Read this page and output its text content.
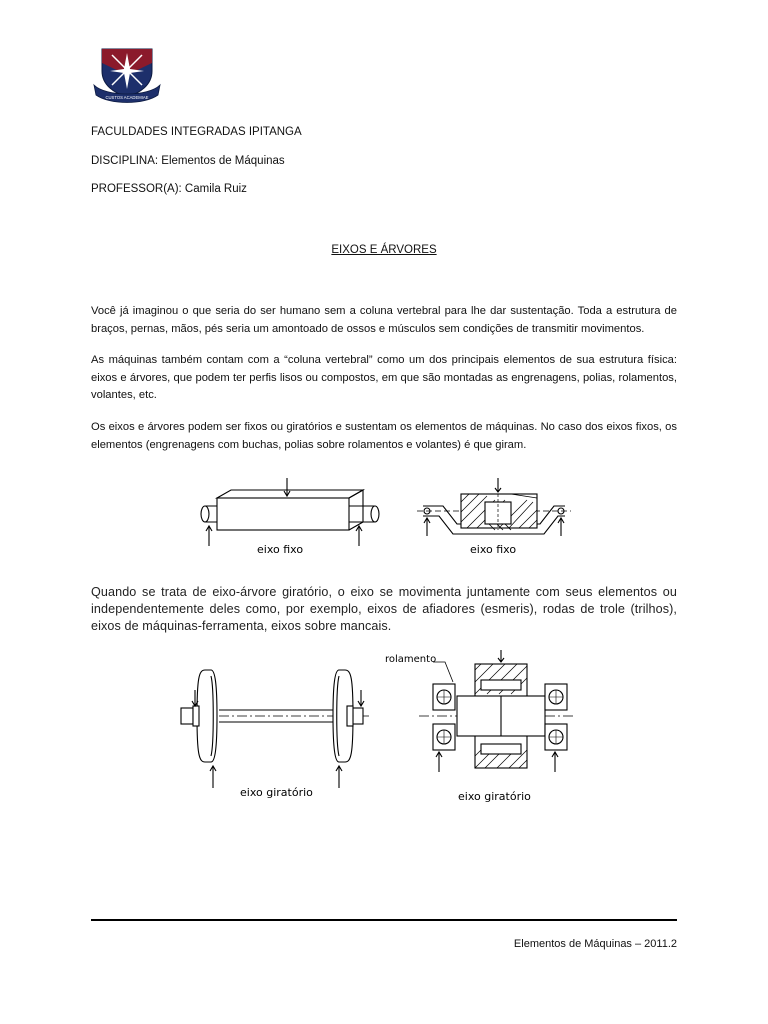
CUSTOS ACADEMIAE
FACULDADES INTEGRADAS IPITANGA
DISCIPLINA: Elementos de Máquinas
PROFESSOR(A): Camila Ruiz
EIXOS E ÁRVORES
Você já imaginou o que seria do ser humano sem a coluna vertebral para lhe dar sustentação. Toda a estrutura de braços, pernas, mãos, pés seria um amontoado de ossos e músculos sem condições de transmitir movimentos.
As máquinas também contam com a “coluna vertebral” como um dos principais elementos de sua estrutura física: eixos e árvores, que podem ter perfis lisos ou compostos, em que são montadas as engrenagens, polias, rolamentos, volantes, etc.
Os eixos e árvores podem ser fixos ou giratórios e sustentam os elementos de máquinas. No caso dos eixos fixos, os elementos (engrenagens com buchas, polias sobre rolamentos e volantes) é que giram.
eixo fixo	eixo fixo
Quando se trata de eixo-árvore giratório, o eixo se movimenta juntamente com seus elementos ou independentemente deles como, por exemplo, eixos de afiadores (esmeris), rodas de trole (trilhos), eixos de máquinas-ferramenta, eixos sobre mancais.
eixo giratório
rolamento
eixo giratório
Elementos de Máquinas – 2011.2
